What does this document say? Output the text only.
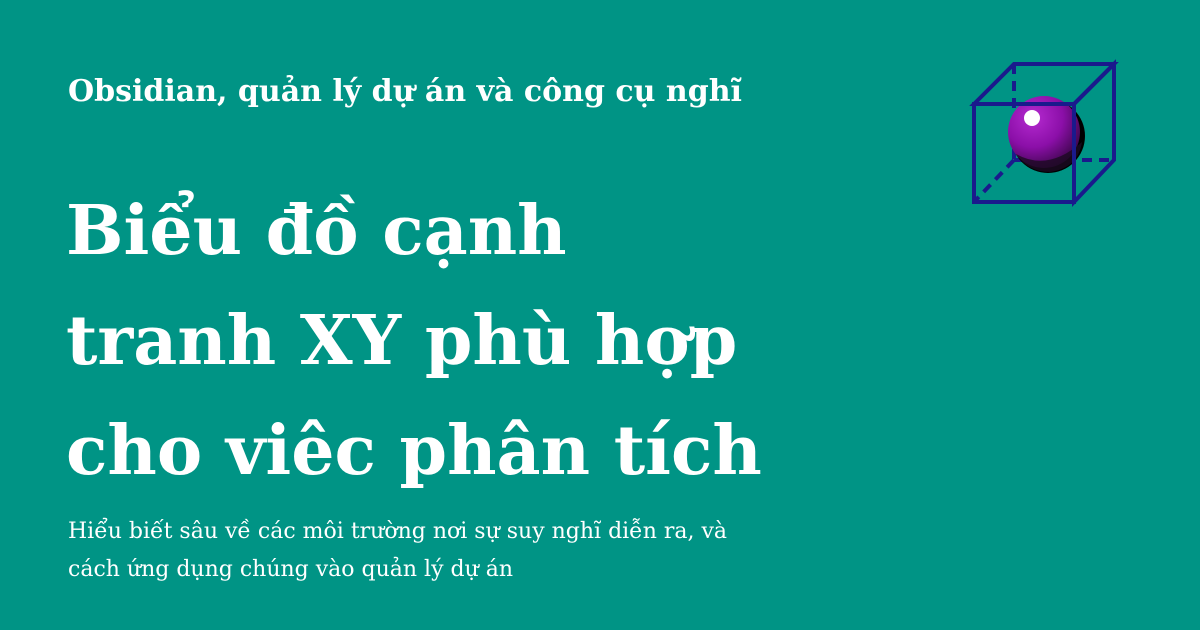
Obsidian, quản lý dự án và công cụ nghĩ
Biểu đồ cạnh
tranh XY phù hợp
cho viêc phân tích
Hiểu biết sâu về các môi trường nơi sự suy nghĩ diễn ra, và
cách ứng dụng chúng vào quản lý dự án
